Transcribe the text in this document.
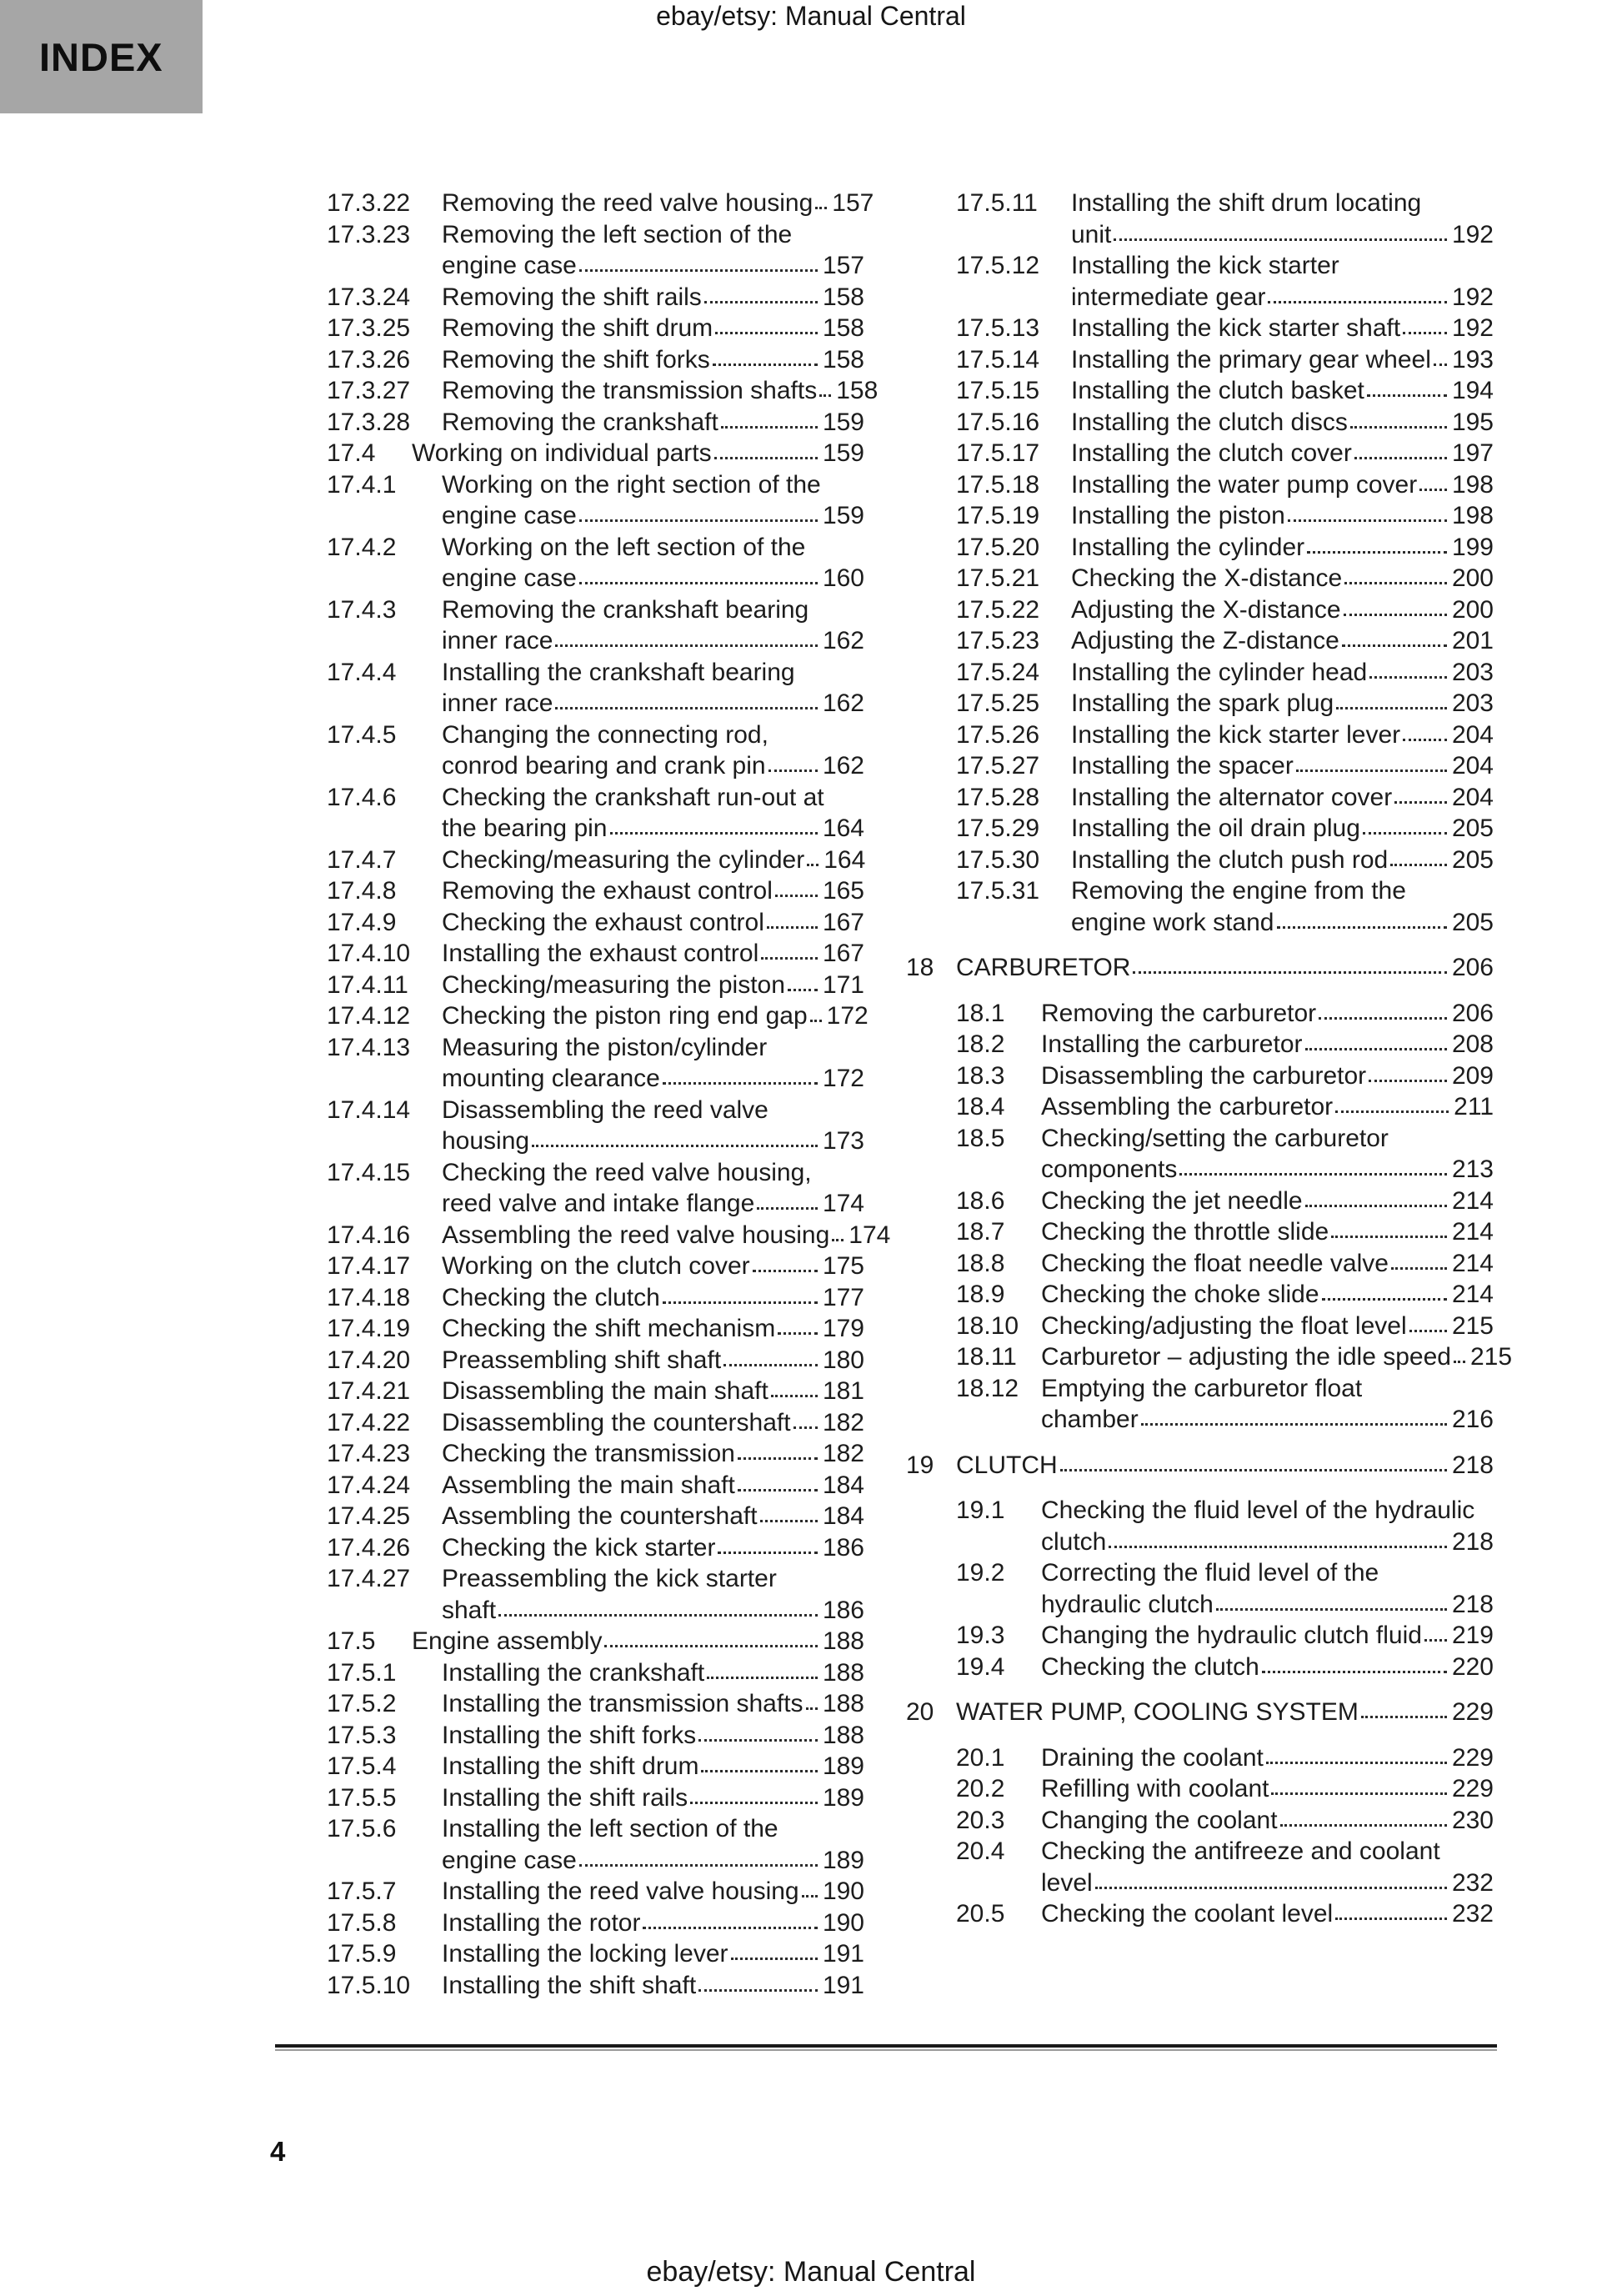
INDEX
ebay/etsy: Manual Central
17.3.22	Removing the reed valve housing 157
17.3.23	Removing the left section of the
engine case	157
17.3.24	Removing the shift rails	158
17.3.25	Removing the shift drum	158
17.3.26	Removing the shift forks	158
17.3.27	Removing the transmission shafts 158
17.3.28	Removing the crankshaft	159
17.4	Working on individual parts	159
17.4.1	Working on the right section of the
engine case	159
17.4.2	Working on the left section of the
engine case	160
17.4.3	Removing the crankshaft bearing
inner race	162
17.4.4	Installing the crankshaft bearing
inner race	162
17.4.5	Changing the connecting rod,
conrod bearing and crank pin 162
17.4.6	Checking the crankshaft run-out at
the bearing pin	164
17.4.7	Checking/measuring the cylinder 164
17.4.8	Removing the exhaust control 165
17.4.9	Checking the exhaust control 167
17.4.10	Installing the exhaust control	167
17.4.11	Checking/measuring the piston 171
17.4.12	Checking the piston ring end gap 172
17.4.13	Measuring the piston/cylinder
mounting clearance	172
17.4.14	Disassembling the reed valve
housing	173
17.4.15	Checking the reed valve housing,
reed valve and intake flange	174
17.4.16	Assembling the reed valve housing 174
17.4.17	Working on the clutch cover	175
17.4.18	Checking the clutch	177
17.4.19	Checking the shift mechanism 179
17.4.20	Preassembling shift shaft	180
17.4.21	Disassembling the main shaft 181
17.4.22	Disassembling the countershaft 182
17.4.23	Checking the transmission	182
17.4.24	Assembling the main shaft	184
17.4.25	Assembling the countershaft	184
17.4.26	Checking the kick starter	186
17.4.27	Preassembling the kick starter
shaft	186
17.5	Engine assembly	188
17.5.1	Installing the crankshaft	188
17.5.2	Installing the transmission shafts 188
17.5.3	Installing the shift forks	188
17.5.4	Installing the shift drum	189
17.5.5	Installing the shift rails	189
17.5.6	Installing the left section of the
engine case	189
17.5.7	Installing the reed valve housing 190
17.5.8	Installing the rotor	190
17.5.9	Installing the locking lever	191
17.5.10	Installing the shift shaft	191
17.5.11	Installing the shift drum locating
unit	192
17.5.12	Installing the kick starter
intermediate gear	192
17.5.13	Installing the kick starter shaft 192
17.5.14	Installing the primary gear wheel 193
17.5.15	Installing the clutch basket	194
17.5.16	Installing the clutch discs	195
17.5.17	Installing the clutch cover	197
17.5.18	Installing the water pump cover 198
17.5.19	Installing the piston	198
17.5.20	Installing the cylinder	199
17.5.21	Checking the X-distance	200
17.5.22	Adjusting the X-distance	200
17.5.23	Adjusting the Z-distance	201
17.5.24	Installing the cylinder head	203
17.5.25	Installing the spark plug	203
17.5.26	Installing the kick starter lever 204
17.5.27	Installing the spacer	204
17.5.28	Installing the alternator cover 204
17.5.29	Installing the oil drain plug	205
17.5.30	Installing the clutch push rod	205
17.5.31	Removing the engine from the
engine work stand	205
18 CARBURETOR	206
18.1	Removing the carburetor	206
18.2	Installing the carburetor	208
18.3	Disassembling the carburetor	209
18.4	Assembling the carburetor	211
18.5	Checking/setting the carburetor
components	213
18.6	Checking the jet needle	214
18.7	Checking the throttle slide	214
18.8	Checking the float needle valve	214
18.9	Checking the choke slide	214
18.10 Checking/adjusting the float level 215
18.11 Carburetor – adjusting the idle speed 215
18.12 Emptying the carburetor float
chamber	216
19 CLUTCH	218
19.1	Checking the fluid level of the hydraulic
clutch	218
19.2	Correcting the fluid level of the
hydraulic clutch	218
19.3	Changing the hydraulic clutch fluid 219
19.4	Checking the clutch	220
20 WATER PUMP, COOLING SYSTEM	229
20.1	Draining the coolant	229
20.2	Refilling with coolant	229
20.3	Changing the coolant	230
20.4	Checking the antifreeze and coolant
level	232
20.5	Checking the coolant level	232
4
ebay/etsy: Manual Central
